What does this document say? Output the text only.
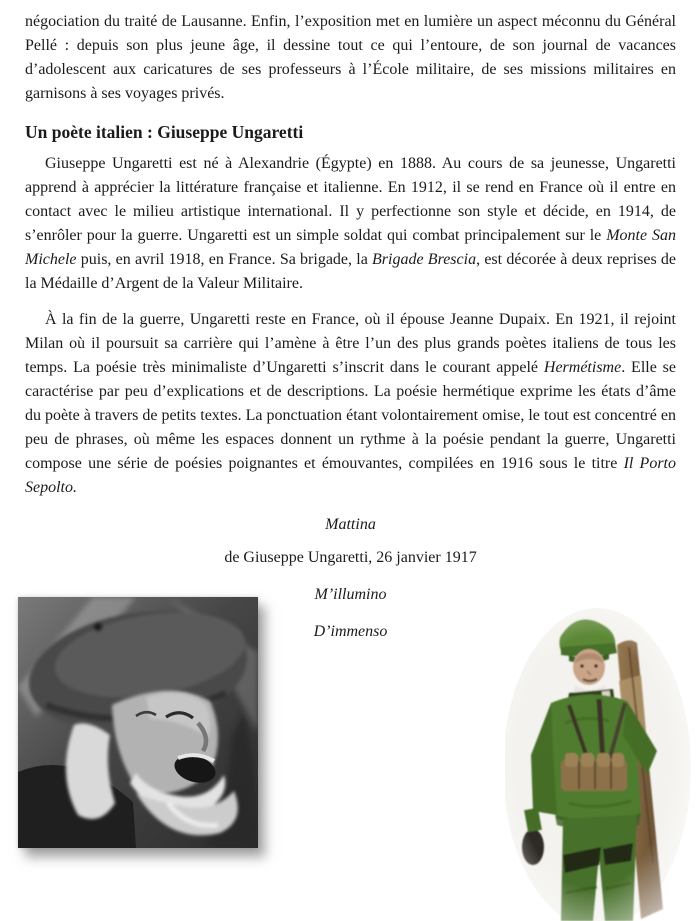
négociation du traité de Lausanne. Enfin, l’exposition met en lumière un aspect méconnu du Général Pellé : depuis son plus jeune âge, il dessine tout ce qui l’entoure, de son journal de vacances d’adolescent aux caricatures de ses professeurs à l’École militaire, de ses missions militaires en garnisons à ses voyages privés.

Un poète italien : Giuseppe Ungaretti

Giuseppe Ungaretti est né à Alexandrie (Égypte) en 1888. Au cours de sa jeunesse, Ungaretti apprend à apprécier la littérature française et italienne. En 1912, il se rend en France où il entre en contact avec le milieu artistique international. Il y perfectionne son style et décide, en 1914, de s’enrôler pour la guerre. Ungaretti est un simple soldat qui combat principalement sur le Monte San Michele puis, en avril 1918, en France. Sa brigade, la Brigade Brescia, est décorée à deux reprises de la Médaille d’Argent de la Valeur Militaire.

À la fin de la guerre, Ungaretti reste en France, où il épouse Jeanne Dupaix. En 1921, il rejoint Milan où il poursuit sa carrière qui l’amène à être l’un des plus grands poètes italiens de tous les temps. La poésie très minimaliste d’Ungaretti s’inscrit dans le courant appelé Hermétisme. Elle se caractérise par peu d’explications et de descriptions. La poésie hermétique exprime les états d’âme du poète à travers de petits textes. La ponctuation étant volontairement omise, le tout est concentré en peu de phrases, où même les espaces donnent un rythme à la poésie pendant la guerre, Ungaretti compose une série de poésies poignantes et émouvantes, compilées en 1916 sous le titre Il Porto Sepolto.

Mattina

de Giuseppe Ungaretti, 26 janvier 1917

M’illumino

D’immenso
